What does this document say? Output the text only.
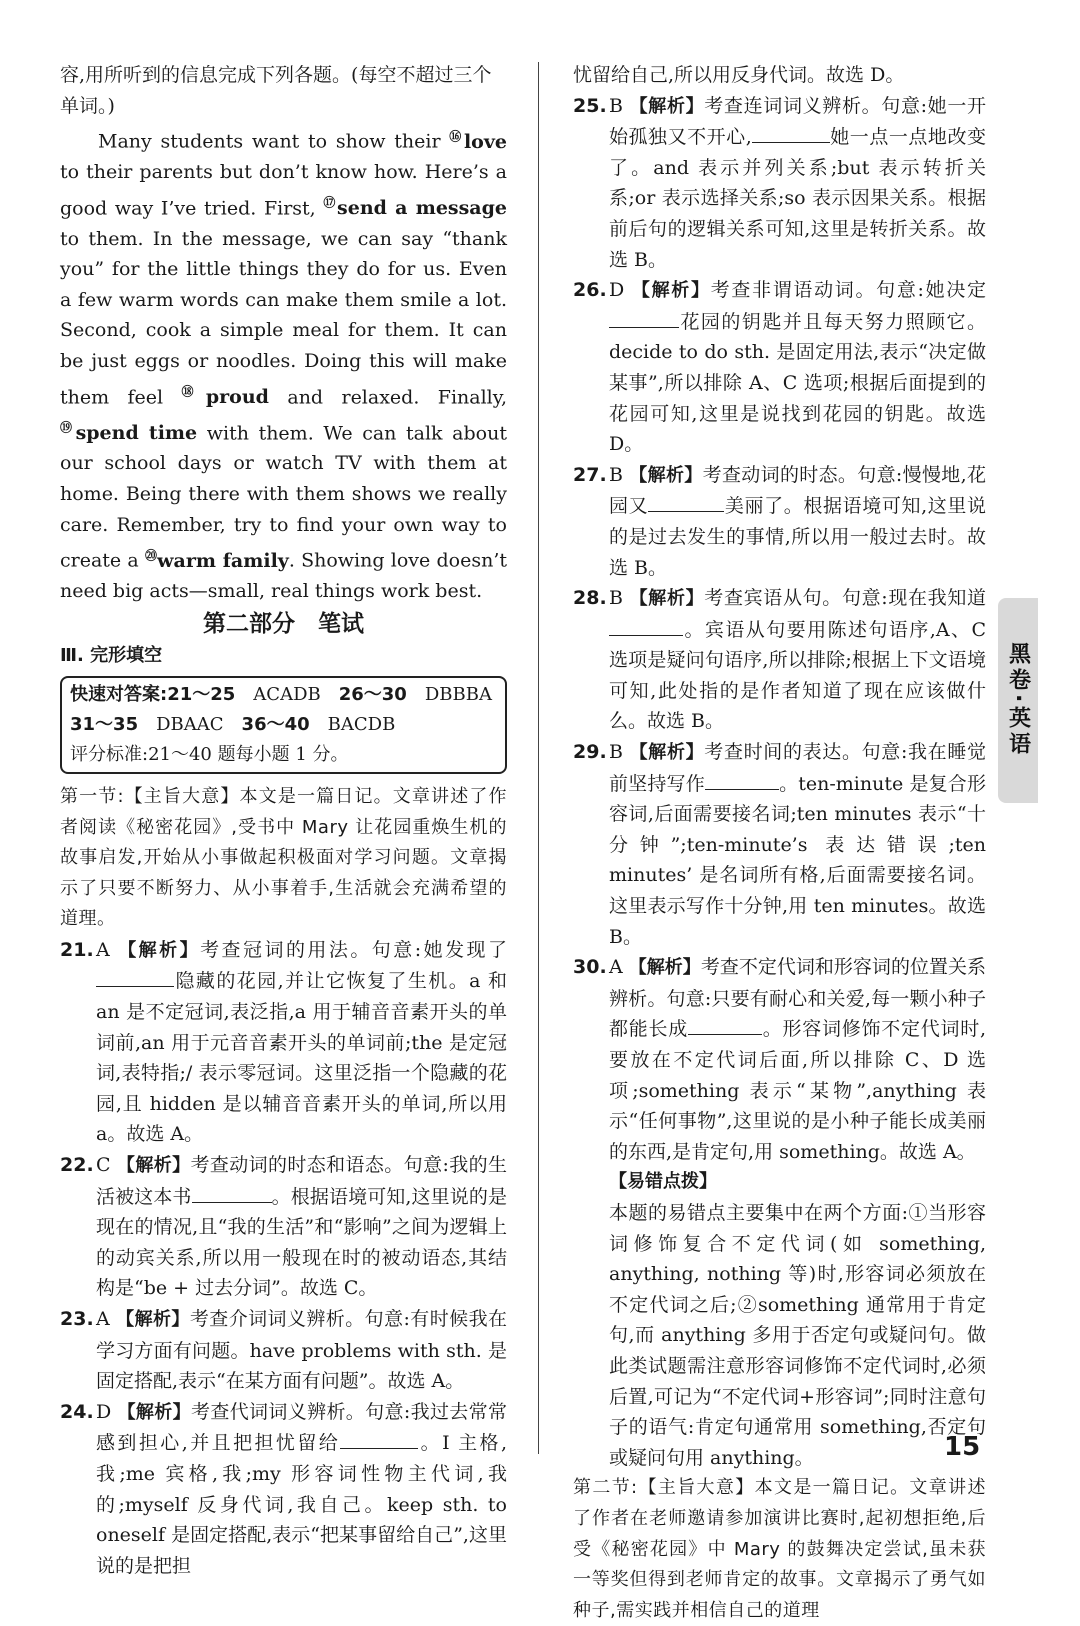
容,用所听到的信息完成下列各题。(每空不超过三个

单词。)

Many students want to show their ⑯love to their parents but don’t know how. Here’s a good way I’ve tried. First, ⑰send a message to them. In the message, we can say “thank you” for the little things they do for us. Even a few warm words can make them smile a lot. Second, cook a simple meal for them. It can be just eggs or noodles. Doing this will make them feel ⑱proud and relaxed. Finally, ⑲spend time with them. We can talk about our school days or watch TV with them at home. Being there with them shows we really care. Remember, try to find your own way to create a ⑳warm family. Showing love doesn’t need big acts—small, real things work best.

第二部分　笔试
Ⅲ. 完形填空
快速对答案:21～25　 ACADB　 26～30　 DBBBA
31～35　 DBAAC　 36～40　 BACDB
评分标准:21～40 题每小题 1 分。

第一节:【主旨大意】本文是一篇日记。文章讲述了作者阅读《秘密花园》,受书中 Mary 让花园重焕生机的故事启发,开始从小事做起积极面对学习问题。文章揭示了只要不断努力、从小事着手,生活就会充满希望的道理。

21. A 【解析】考查冠词的用法。句意:她发现了隐藏的花园,并让它恢复了生机。a 和 an 是不定冠词,表泛指,a 用于辅音音素开头的单词前,an 用于元音音素开头的单词前;the 是定冠词,表特指;/ 表示零冠词。这里泛指一个隐藏的花园,且 hidden 是以辅音音素开头的单词,所以用 a。故选 A。
22. C 【解析】考查动词的时态和语态。句意:我的生活被这本书	。根据语境可知,这里说的是现在的情况,且“我的生活”和“影响”之间为逻辑上的动宾关系,所以用一般现在时的被动语态,其结构是“be + 过去分词”。故选 C。
23. A 【解析】考查介词词义辨析。句意:有时候我在学习方面有问题。have problems with sth. 是固定搭配,表示“在某方面有问题”。故选 A。
24. D 【解析】考查代词词义辨析。句意:我过去常常感到担心,并且把担忧留给	。I 主格,我;me 宾格,我;my 形容词性物主代词,我的;myself 反身代词,我自己。keep sth. to oneself 是固定搭配,表示“把某事留给自己”,这里说的是把担

忧留给自己,所以用反身代词。故选 D。

25. B 【解析】考查连词词义辨析。句意:她一开始孤独又不开心,	她一点一点地改变了。and 表示并列关系;but 表示转折关系;or 表示选择关系;so 表示因果关系。根据前后句的逻辑关系可知,这里是转折关系。故选 B。
26. D 【解析】考查非谓语动词。句意:她决定花园的钥匙并且每天努力照顾它。decide to do sth. 是固定用法,表示“决定做某事”,所以排除 A、C 选项;根据后面提到的花园可知,这里是说找到花园的钥匙。故选 D。
27. B 【解析】考查动词的时态。句意:慢慢地,花园又	美丽了。根据语境可知,这里说的是过去发生的事情,所以用一般过去时。故选 B。
28. B 【解析】考查宾语从句。句意:现在我知道。宾语从句要用陈述句语序,A、C 选项是疑问句语序,所以排除;根据上下文语境可知,此处指的是作者知道了现在应该做什么。故选 B。
29. B 【解析】考查时间的表达。句意:我在睡觉前坚持写作	。ten-minute 是复合形容词,后面需要接名词;ten minutes 表示“十分钟”;ten-minute’s 表达错误;ten minutes’ 是名词所有格,后面需要接名词。这里表示写作十分钟,用 ten minutes。故选 B。
30. A 【解析】考查不定代词和形容词的位置关系辨析。句意:只要有耐心和关爱,每一颗小种子都能长成	。形容词修饰不定代词时,要放在不定代词后面,所以排除 C、D 选项;something 表示“某物”,anything 表示“任何事物”,这里说的是小种子能长成美丽的东西,是肯定句,用 something。故选 A。
【易错点拨】

本题的易错点主要集中在两个方面:①当形容词修饰复合不定代词(如 something, anything, nothing 等)时,形容词必须放在不定代词之后;②something 通常用于肯定句,而 anything 多用于否定句或疑问句。做此类试题需注意形容词修饰不定代词时,必须后置,可记为“不定代词+形容词”;同时注意句子的语气:肯定句通常用 something,否定句或疑问句用 anything。

第二节:【主旨大意】本文是一篇日记。文章讲述了作者在老师邀请参加演讲比赛时,起初想拒绝,后受《秘密花园》中 Mary 的鼓舞决定尝试,虽未获一等奖但得到老师肯定的故事。文章揭示了勇气如种子,需实践并相信自己的道理

黑卷·英语
15
